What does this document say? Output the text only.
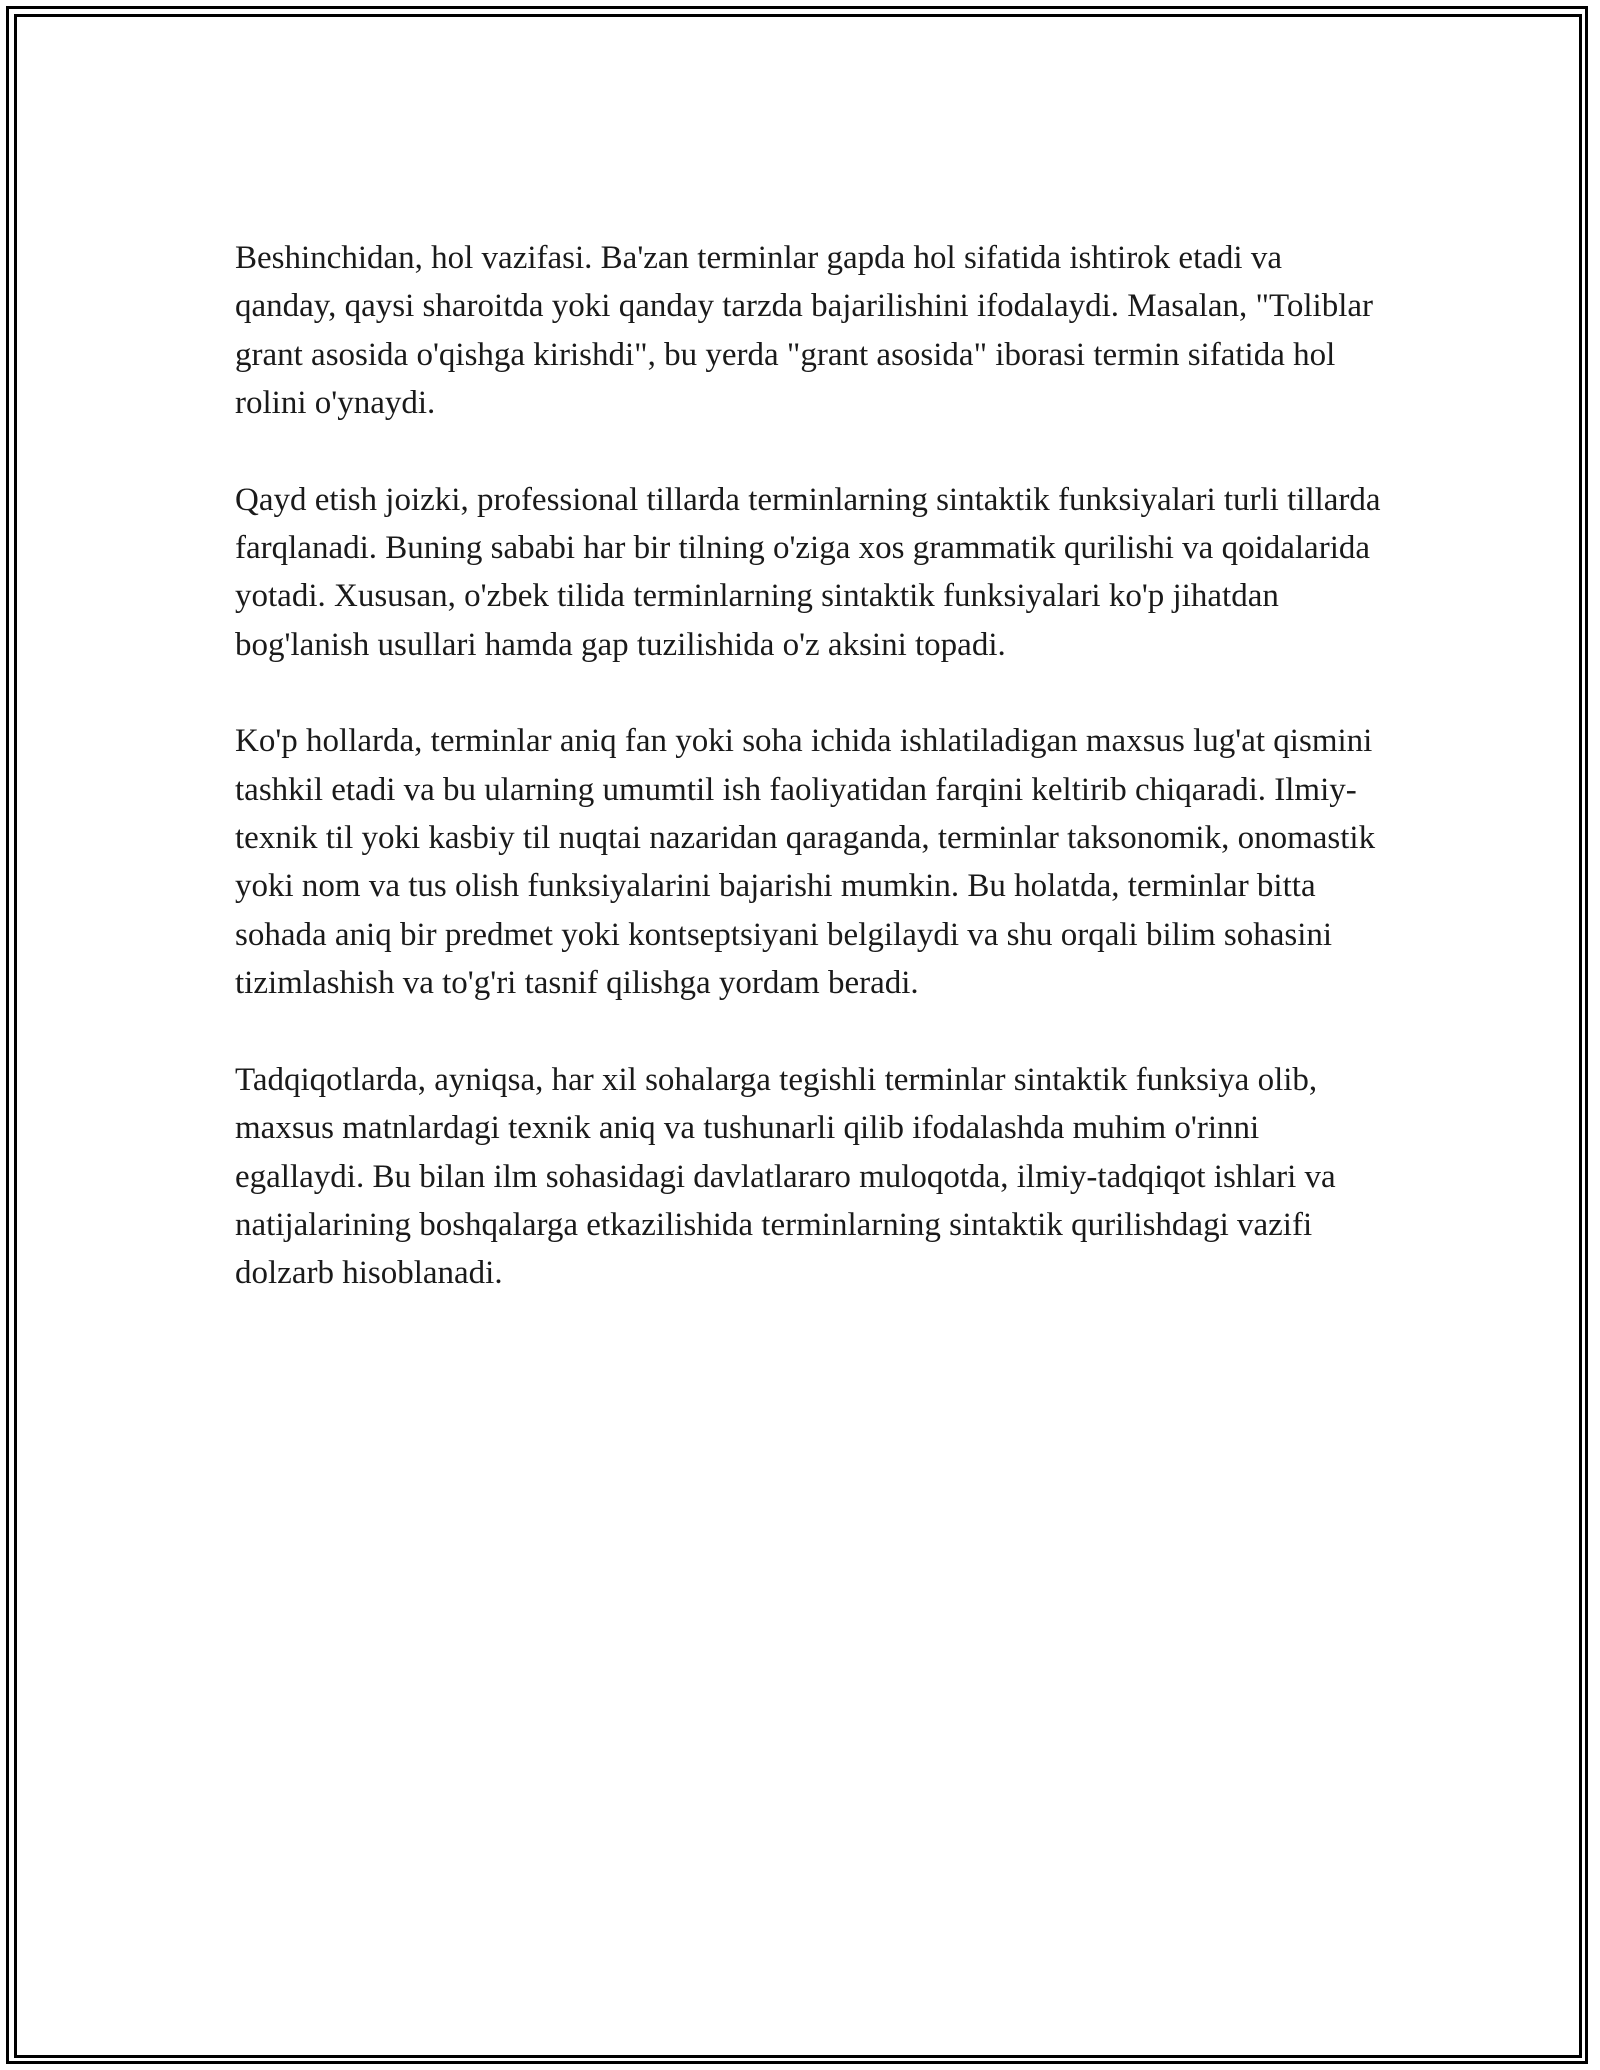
Beshinchidan, hol vazifasi. Ba'zan terminlar gapda hol sifatida ishtirok etadi va qanday, qaysi sharoitda yoki qanday tarzda bajarilishini ifodalaydi. Masalan, "Toliblar grant asosida o'qishga kirishdi", bu yerda "grant asosida" iborasi termin sifatida hol rolini o'ynaydi.

Qayd etish joizki, professional tillarda terminlarning sintaktik funksiyalari turli tillarda farqlanadi. Buning sababi har bir tilning o'ziga xos grammatik qurilishi va qoidalarida yotadi. Xususan, o'zbek tilida terminlarning sintaktik funksiyalari ko'p jihatdan bog'lanish usullari hamda gap tuzilishida o'z aksini topadi.

Ko'p hollarda, terminlar aniq fan yoki soha ichida ishlatiladigan maxsus lug'at qismini tashkil etadi va bu ularning umumtil ish faoliyatidan farqini keltirib chiqaradi. Ilmiy-texnik til yoki kasbiy til nuqtai nazaridan qaraganda, terminlar taksonomik, onomastik yoki nom va tus olish funksiyalarini bajarishi mumkin. Bu holatda, terminlar bitta sohada aniq bir predmet yoki kontseptsiyani belgilaydi va shu orqali bilim sohasini tizimlashish va to'g'ri tasnif qilishga yordam beradi.

Tadqiqotlarda, ayniqsa, har xil sohalarga tegishli terminlar sintaktik funksiya olib, maxsus matnlardagi texnik aniq va tushunarli qilib ifodalashda muhim o'rinni egallaydi. Bu bilan ilm sohasidagi davlatlararo muloqotda, ilmiy-tadqiqot ishlari va natijalarining boshqalarga etkazilishida terminlarning sintaktik qurilishdagi vazifi dolzarb hisoblanadi.
